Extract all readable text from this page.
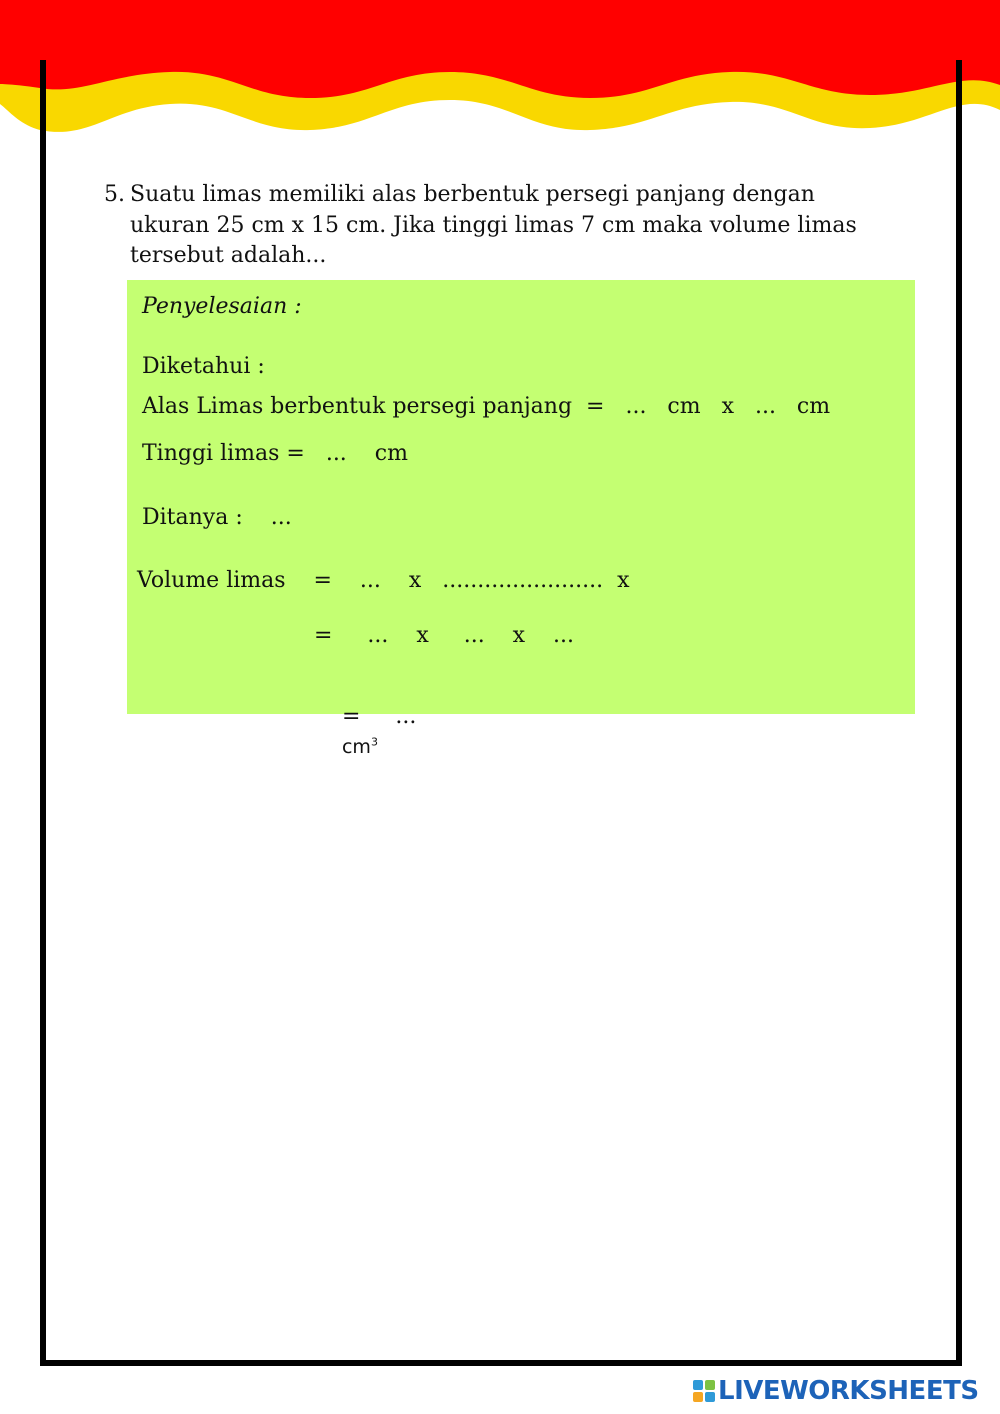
5. Suatu limas memiliki alas berbentuk persegi panjang dengan ukuran 25 cm x 15 cm. Jika tinggi limas 7 cm maka volume limas tersebut adalah...
Penyelesaian :
Diketahui :
Alas Limas berbentuk persegi panjang  =   ...   cm   x   ...   cm
Tinggi limas =   ...    cm
Ditanya :    ...
Volume limas    =    ...    x   .......................  x
=     ...    x     ...    x    ...

=     ...
$cm^3$

LIVEWORKSHEETS
